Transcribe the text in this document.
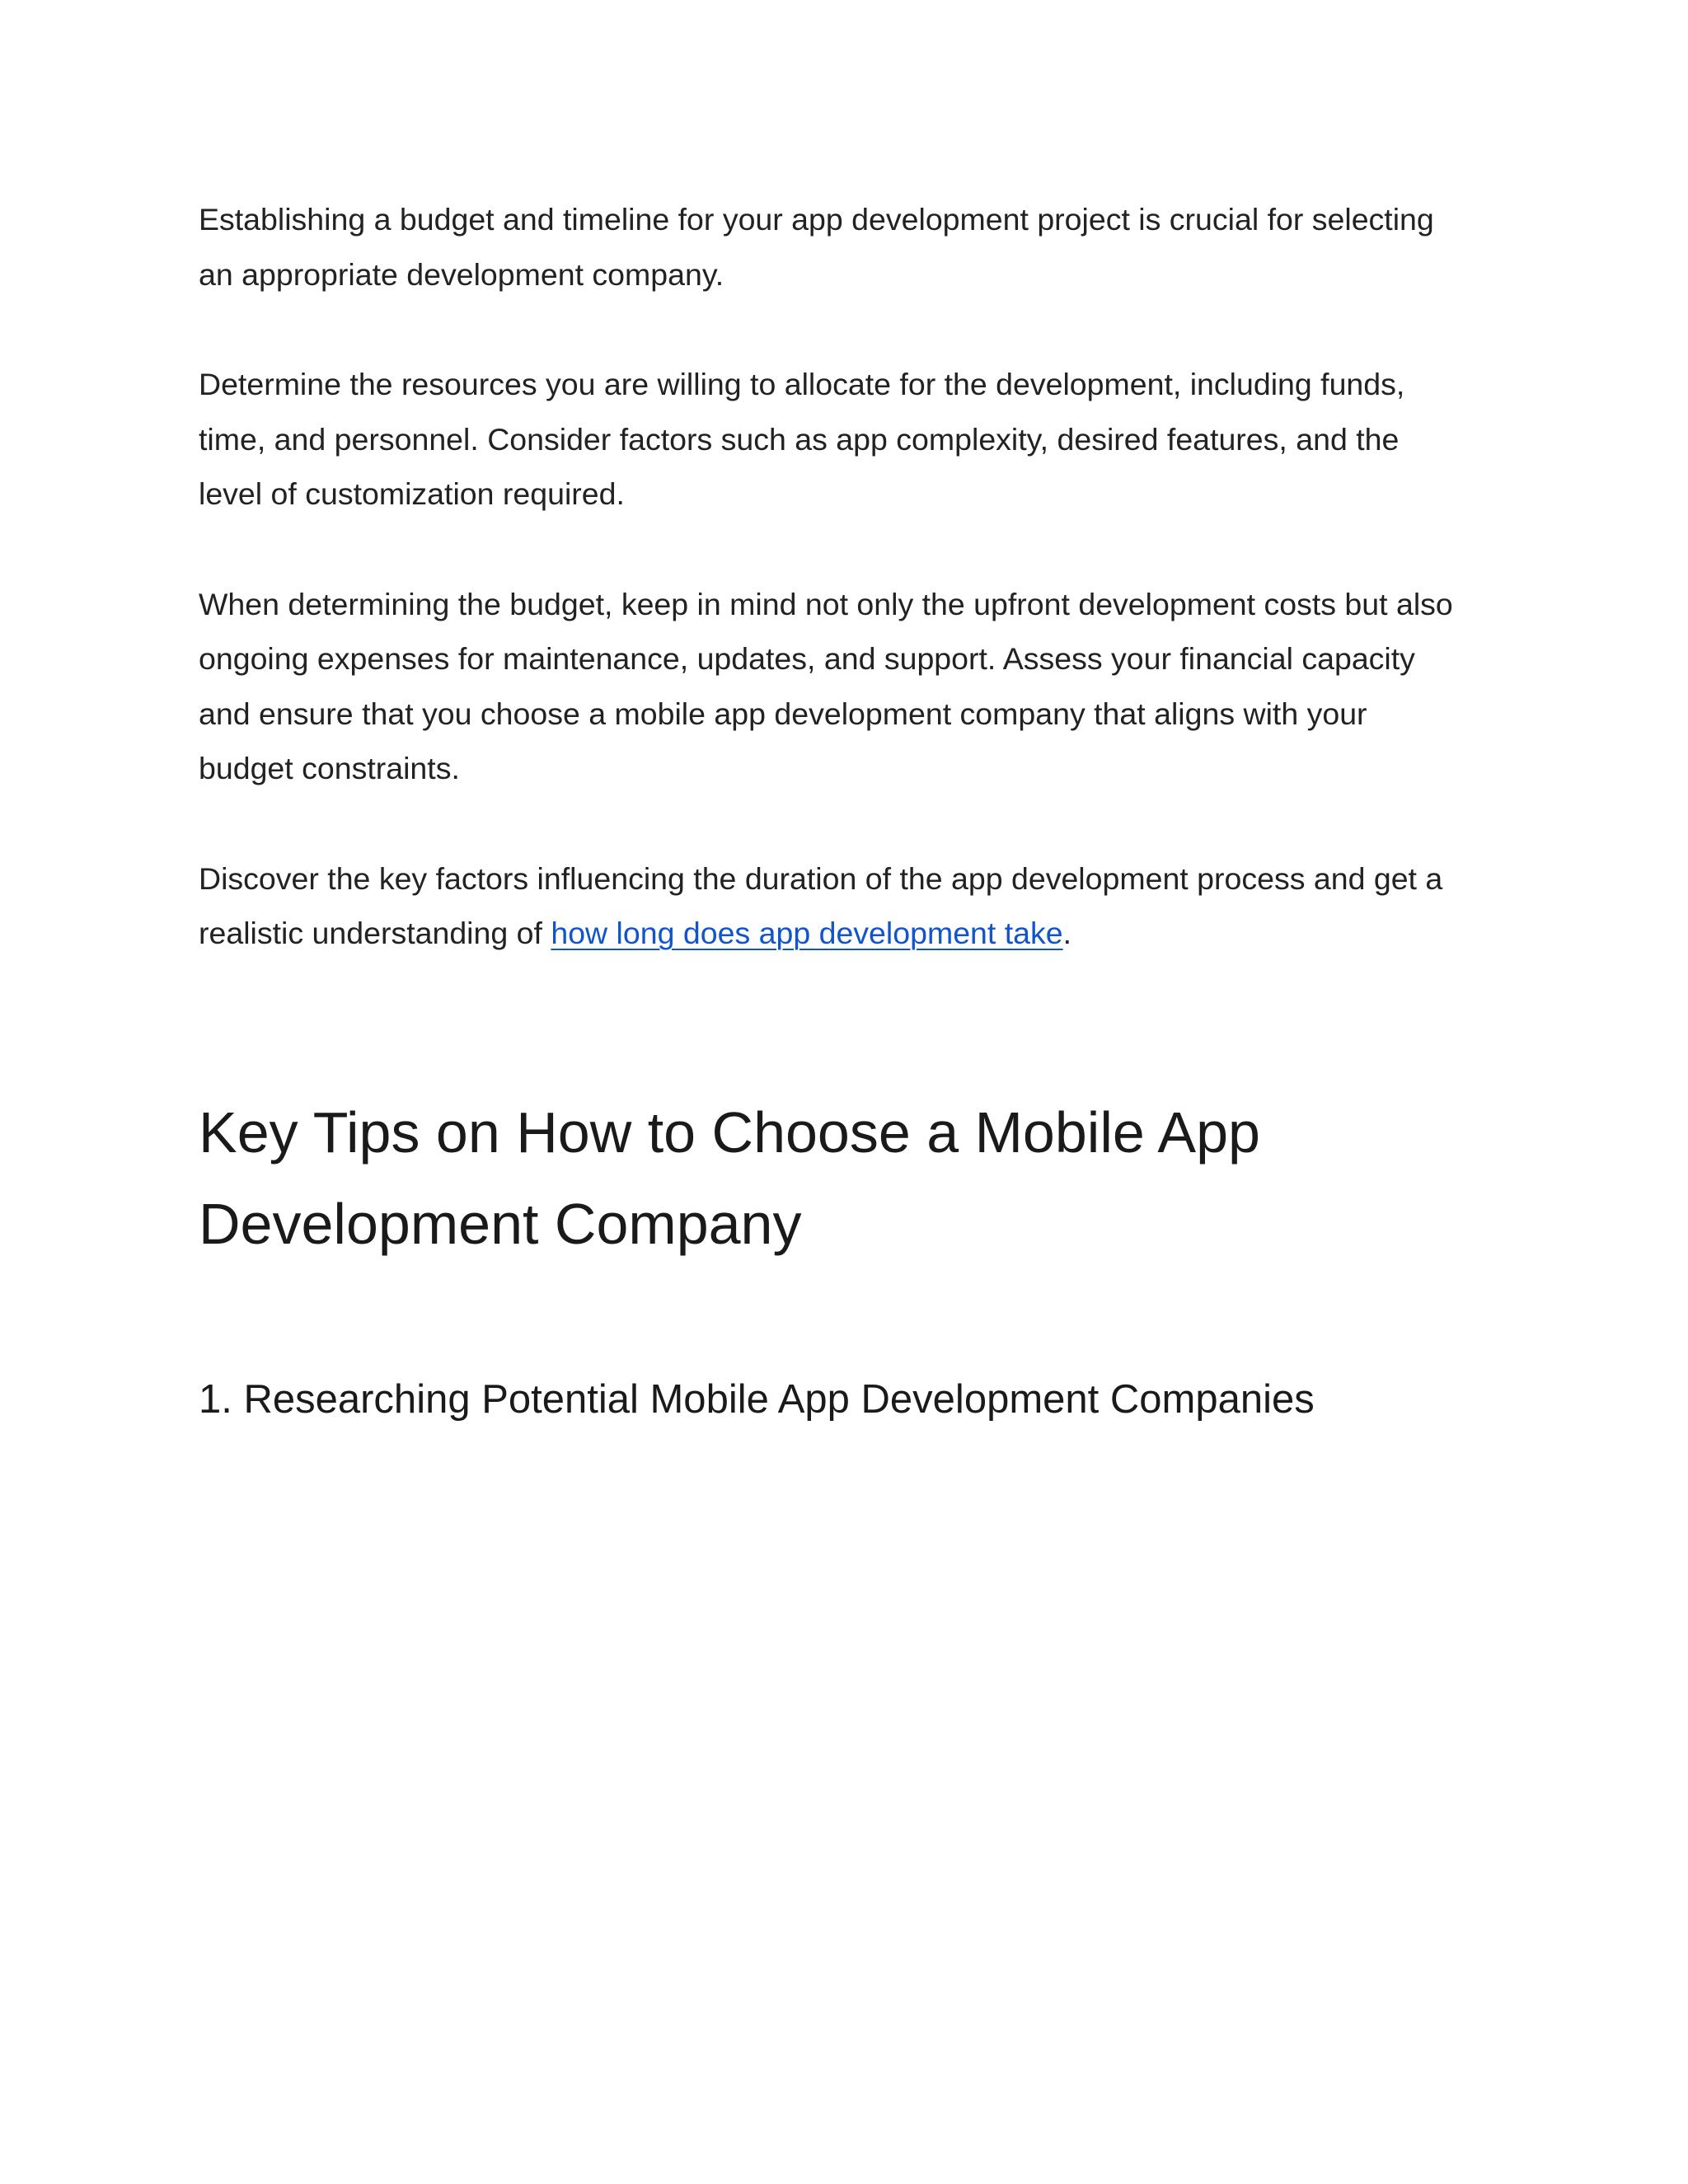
Establishing a budget and timeline for your app development project is crucial for selecting
an appropriate development company.

Determine the resources you are willing to allocate for the development, including funds,
time, and personnel. Consider factors such as app complexity, desired features, and the
level of customization required.

When determining the budget, keep in mind not only the upfront development costs but also
ongoing expenses for maintenance, updates, and support. Assess your financial capacity
and ensure that you choose a mobile app development company that aligns with your
budget constraints.

Discover the key factors influencing the duration of the app development process and get a
realistic understanding of how long does app development take.

Key Tips on How to Choose a Mobile App
Development Company
1. Researching Potential Mobile App Development Companies
